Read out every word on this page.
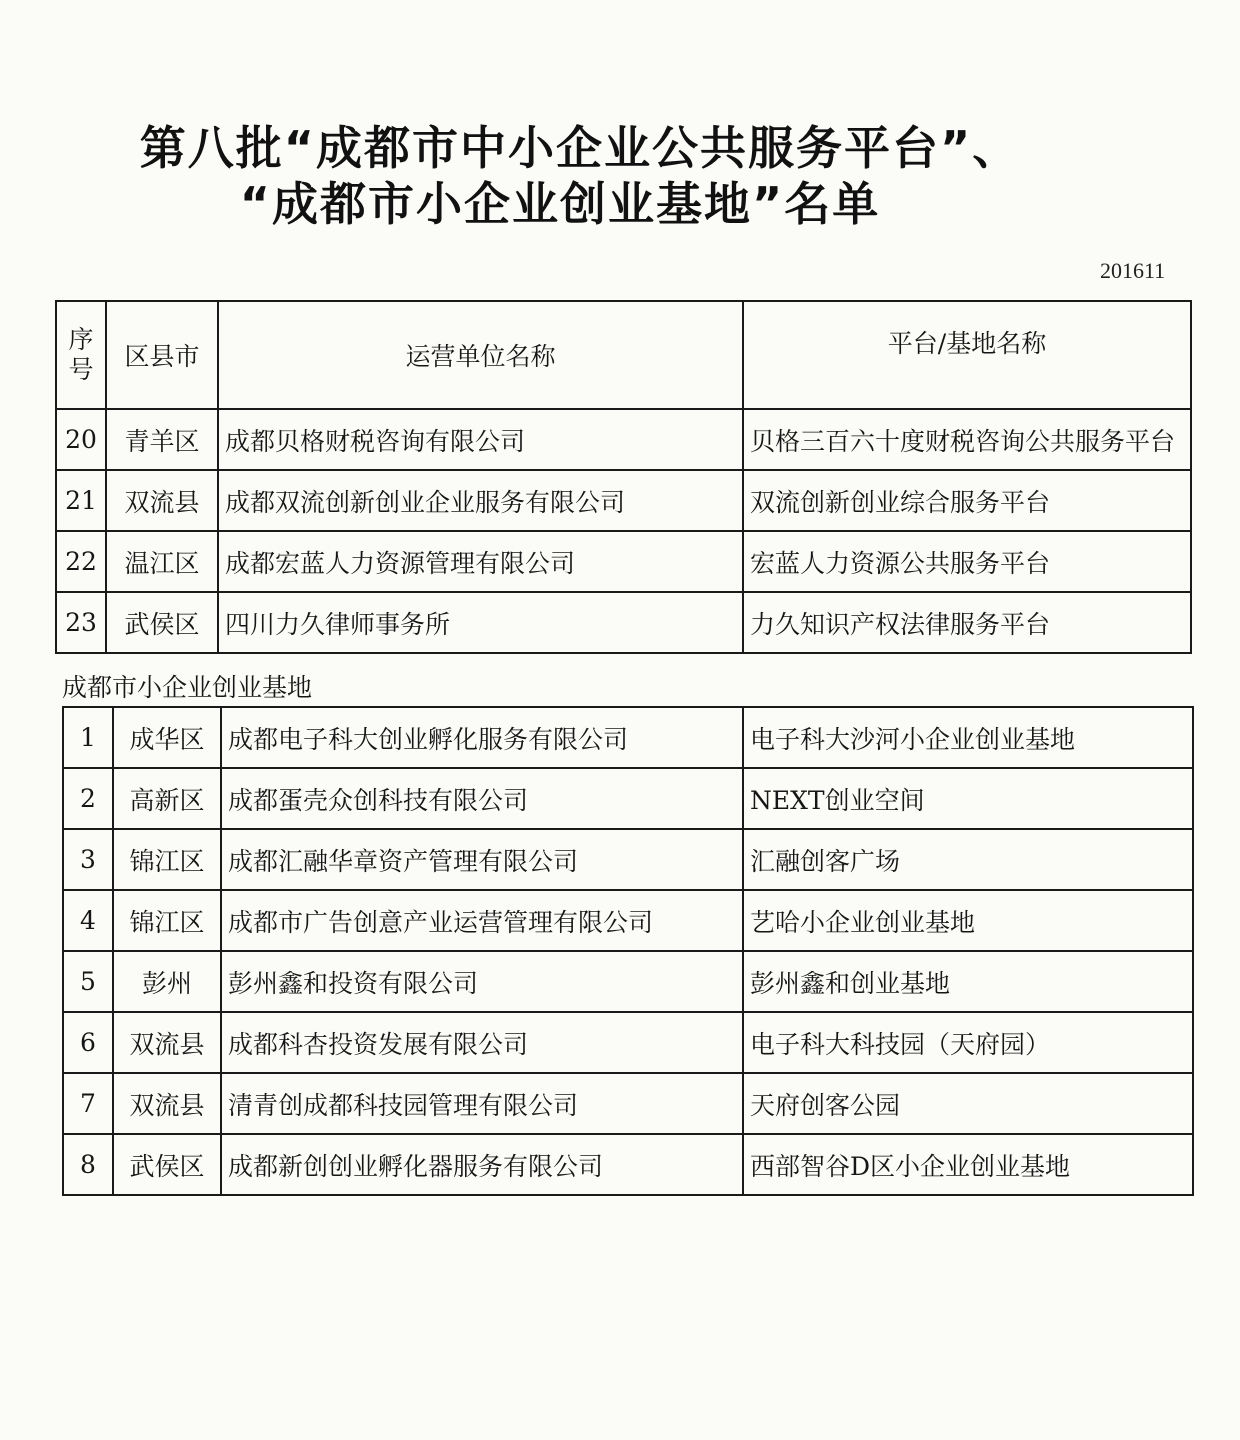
第八批“成都市中小企业公共服务平台”、
“成都市小企业创业基地”名单
201611
序号	区县市	运营单位名称	平台/基地名称
20	青羊区	成都贝格财税咨询有限公司	贝格三百六十度财税咨询公共服务平台
21	双流县	成都双流创新创业企业服务有限公司	双流创新创业综合服务平台
22	温江区	成都宏蓝人力资源管理有限公司	宏蓝人力资源公共服务平台
23	武侯区	四川力久律师事务所	力久知识产权法律服务平台
成都市小企业创业基地
1	成华区	成都电子科大创业孵化服务有限公司	电子科大沙河小企业创业基地
2	高新区	成都蛋壳众创科技有限公司	NEXT创业空间
3	锦江区	成都汇融华章资产管理有限公司	汇融创客广场
4	锦江区	成都市广告创意产业运营管理有限公司	艺哈小企业创业基地
5	彭州	彭州鑫和投资有限公司	彭州鑫和创业基地
6	双流县	成都科杏投资发展有限公司	电子科大科技园（天府园）
7	双流县	清青创成都科技园管理有限公司	天府创客公园
8	武侯区	成都新创创业孵化器服务有限公司	西部智谷D区小企业创业基地
